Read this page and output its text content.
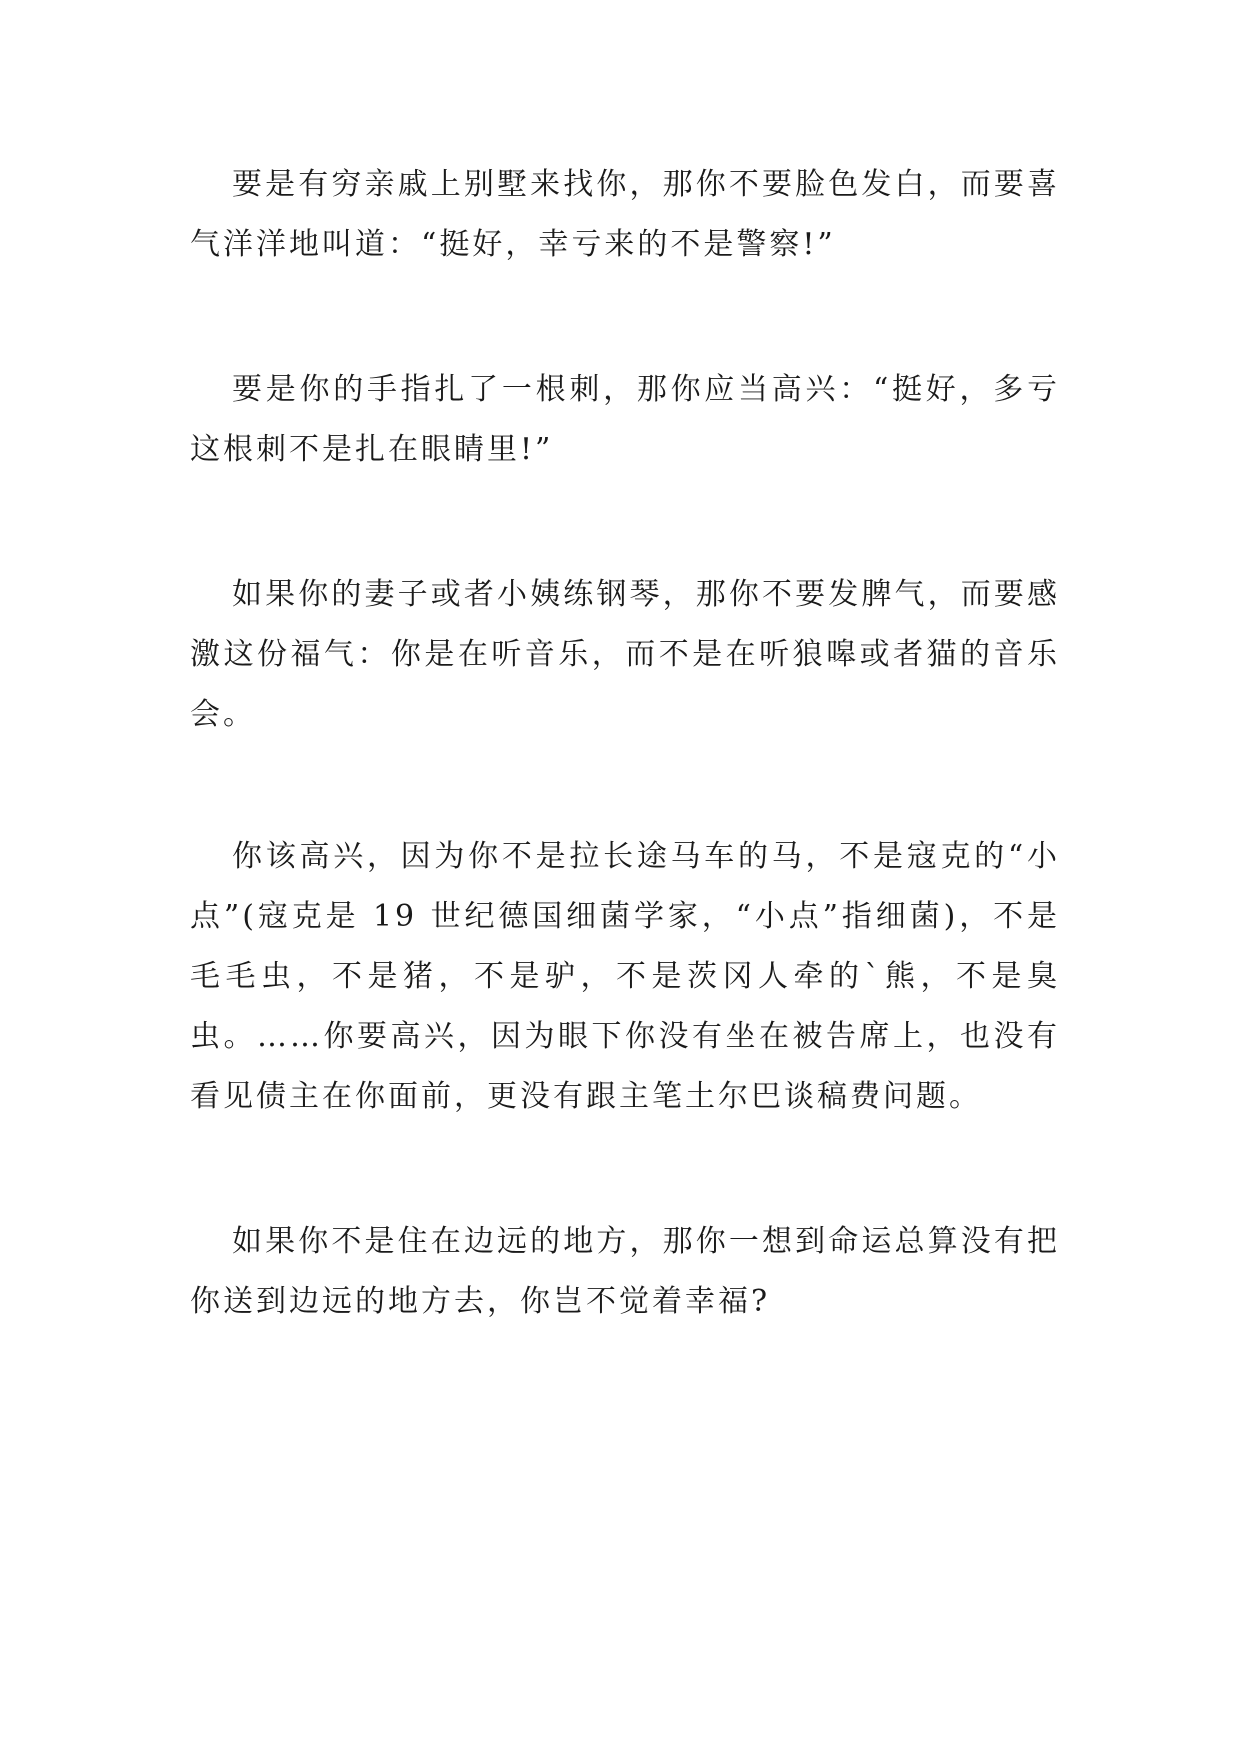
要是有穷亲戚上别墅来找你，那你不要脸色发白，而要喜

气洋洋地叫道：“挺好，幸亏来的不是警察!”

要是你的手指扎了一根刺，那你应当高兴：“挺好，多亏

这根刺不是扎在眼睛里!”

如果你的妻子或者小姨练钢琴，那你不要发脾气，而要感

激这份福气：你是在听音乐，而不是在听狼嗥或者猫的音乐

会。

你该高兴，因为你不是拉长途马车的马，不是寇克的“小

点”(寇克是 19 世纪德国细菌学家，“小点”指细菌)，不是

毛毛虫，不是猪，不是驴，不是茨冈人牵的`熊，不是臭

虫。……你要高兴，因为眼下你没有坐在被告席上，也没有

看见债主在你面前，更没有跟主笔土尔巴谈稿费问题。

如果你不是住在边远的地方，那你一想到命运总算没有把

你送到边远的地方去，你岂不觉着幸福?
